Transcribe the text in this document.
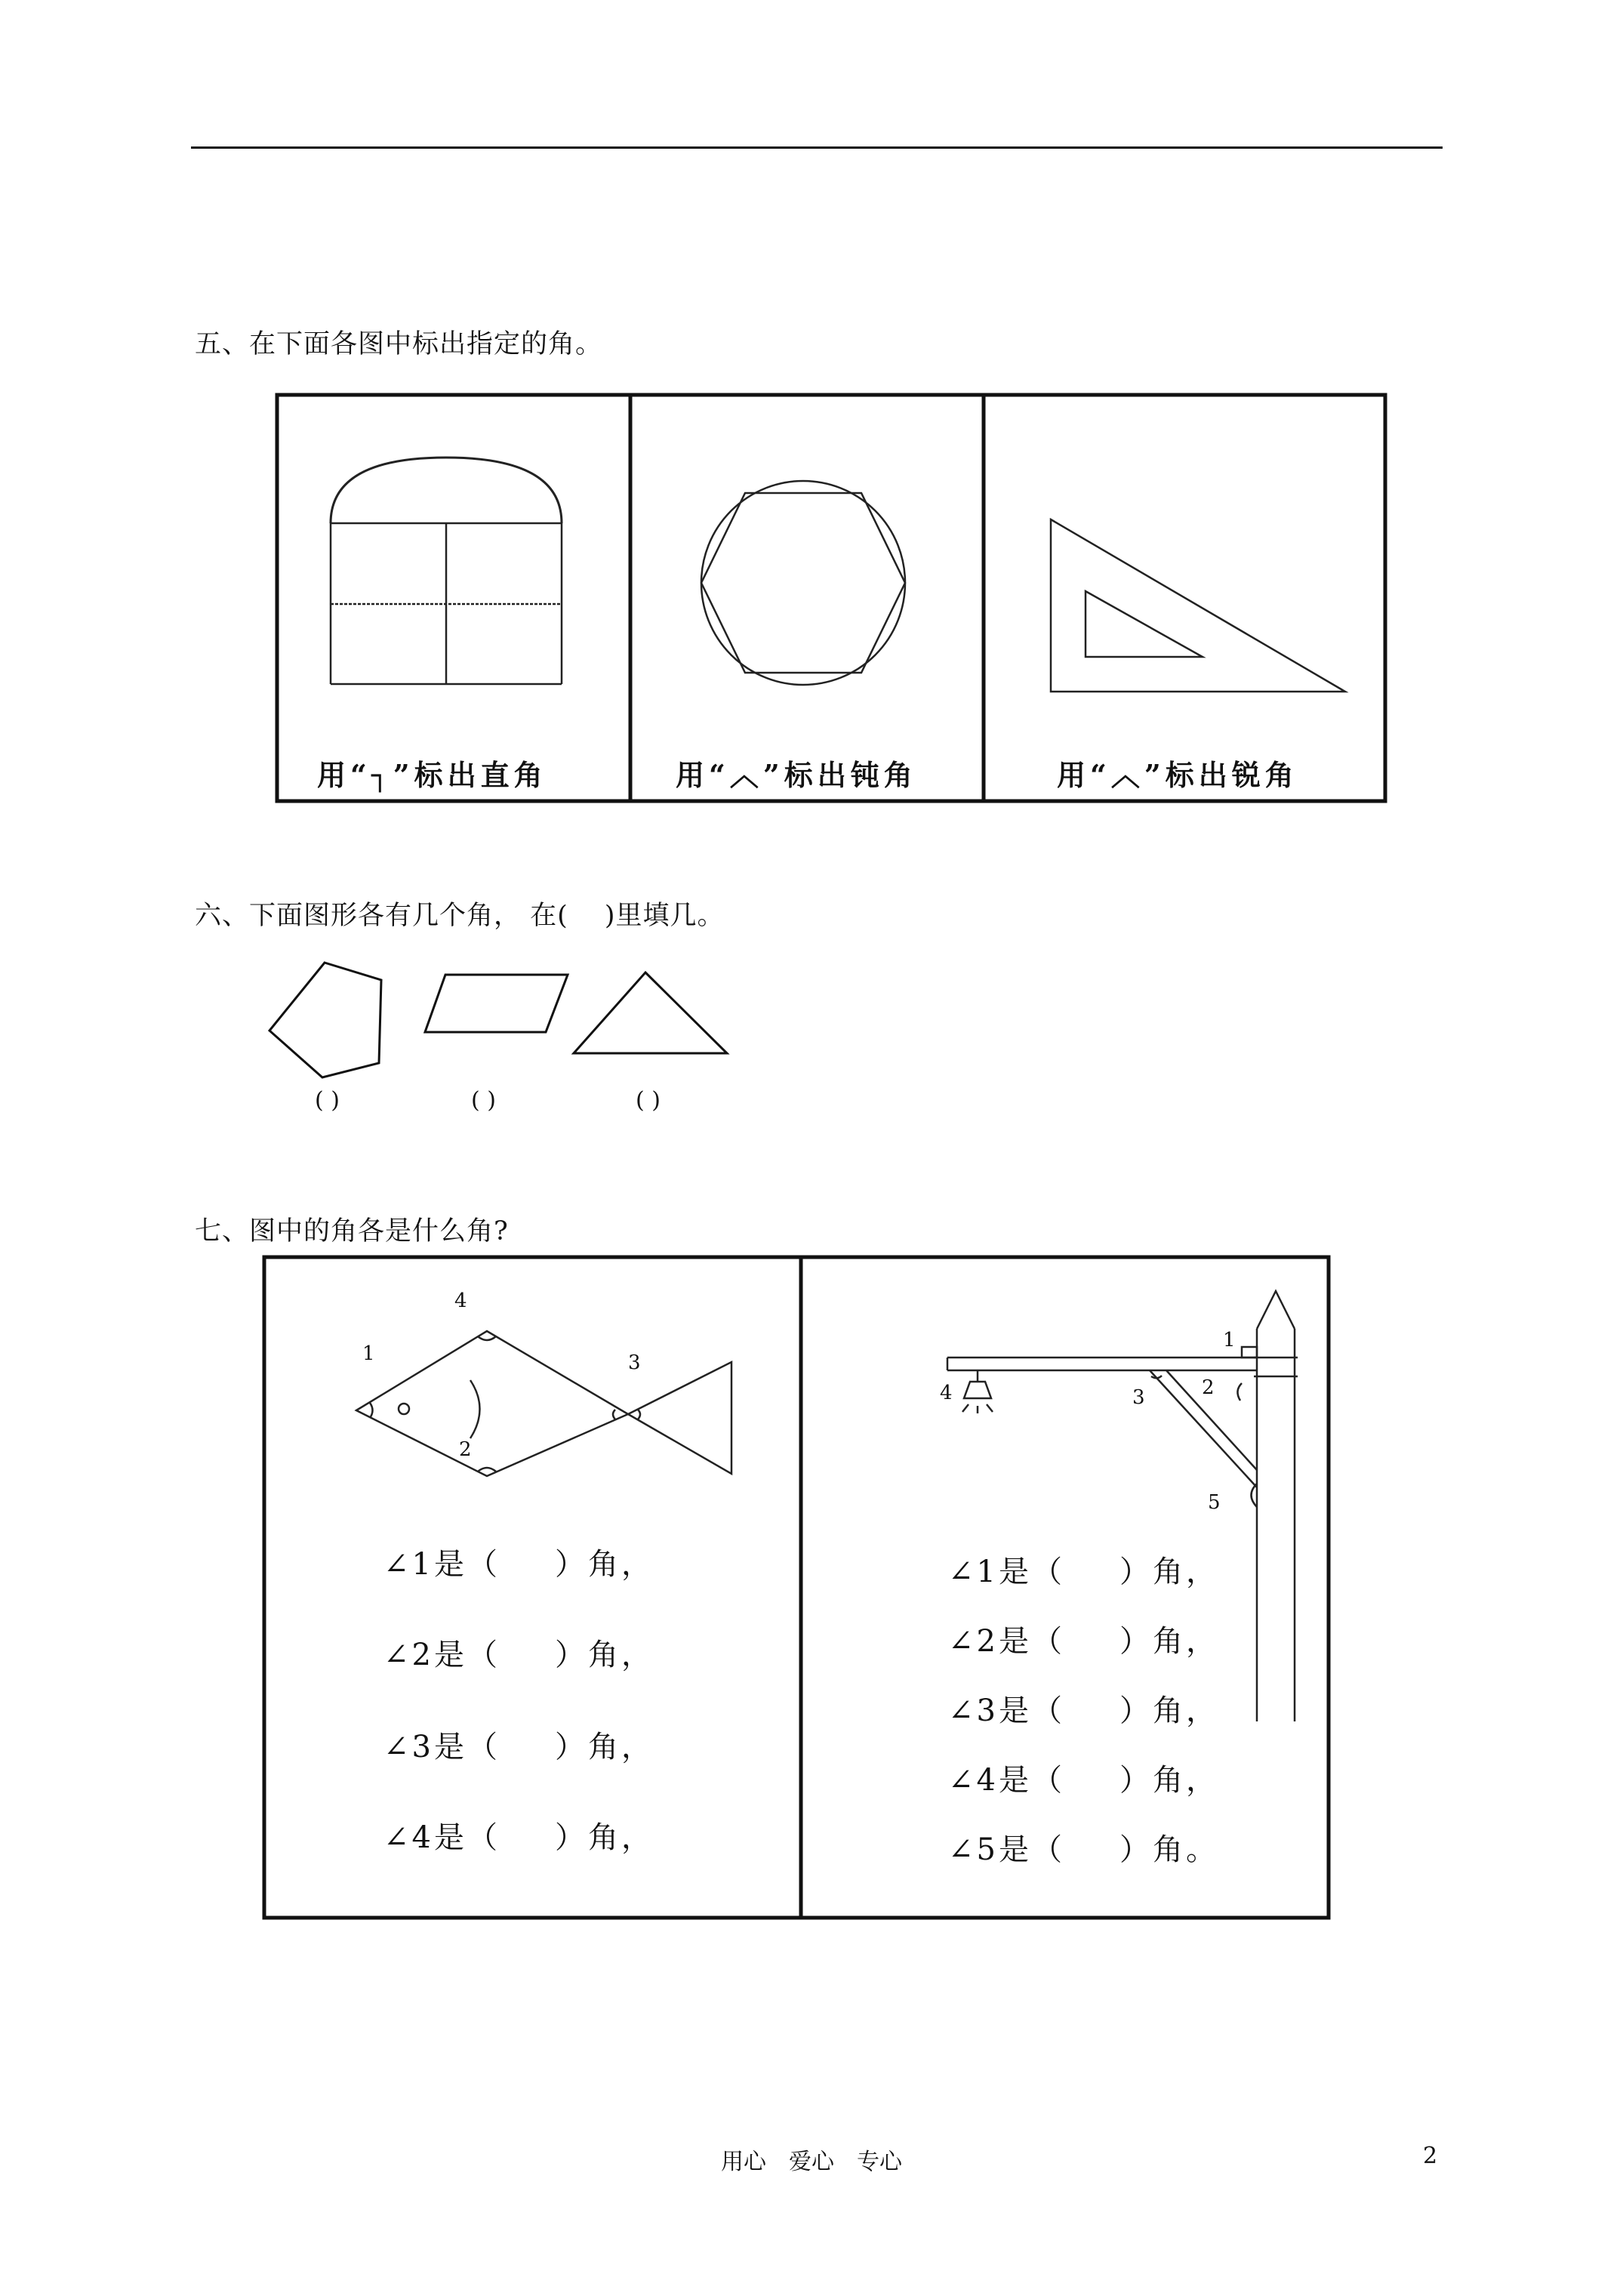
五、在下面各图中标出指定的角。
用“┐”标出直角	用“︿”标出钝角	用“︿”标出锐角
六、下面图形各有几个角， 在(　 )里填几。
( )	( )	( )
七、图中的角各是什么角?
1
2
3
4
1
2
3
4
5
∠1是（ ）角，
∠2是（ ）角，
∠3是（ ）角，
∠4是（ ）角，
∠1是（ ）角，
∠2是（ ）角，
∠3是（ ）角，
∠4是（ ）角，
∠5是（ ）角。
用心　爱心　专心	2
